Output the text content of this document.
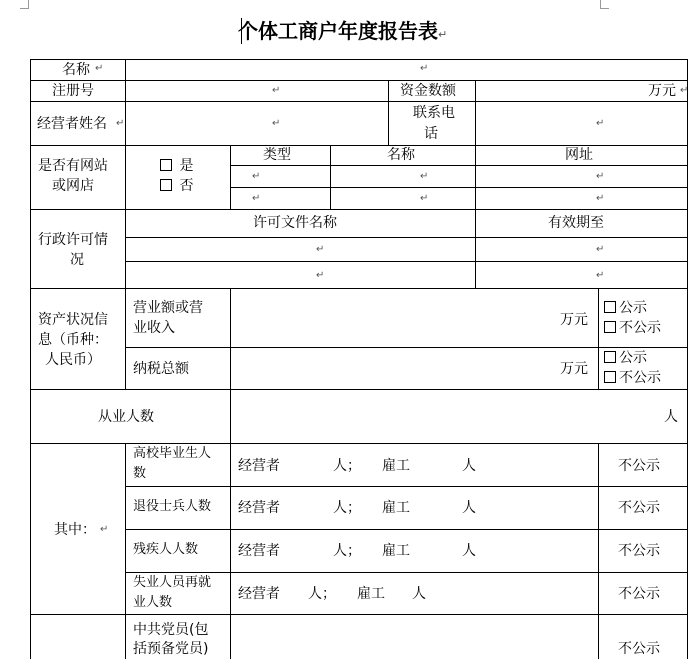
个体工商户年度报告表↵
名称 ↵	↵
注册号	↵	资金数额	万元 ↵
经营者姓名 ↵	↵
联系电
话
↵
是否有网站
或网店
是
否
类型	名称	网址
↵	↵	↵
↵	↵	↵
行政许可情
况
许可文件名称	有效期至
↵	↵
↵	↵
资产状况信
息（币种：
人民币）
营业额或营
业收入	万元
公示
不公示
纳税总额	万元
公示
不公示
从业人数	人
其中： ↵
高校毕业生人
数	经营者	人； 雇工	人	不公示
退役士兵人数 经营者	人； 雇工	人	不公示
残疾人人数	经营者	人； 雇工	人	不公示
失业人员再就
业人数
经营者 人； 雇工 人	不公示
中共党员(包
括预备党员)	不公示
